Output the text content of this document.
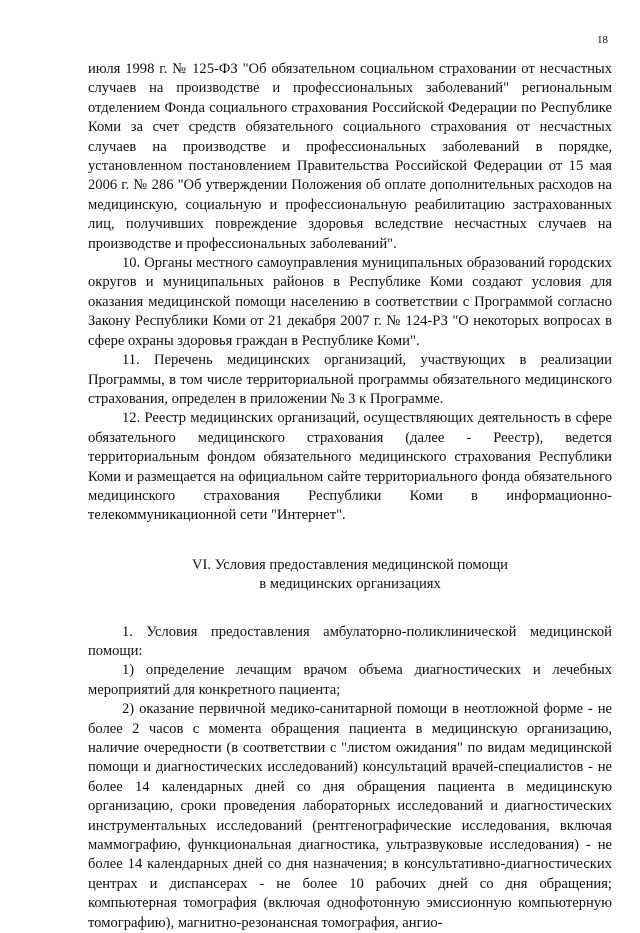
18

июля 1998 г. № 125-ФЗ "Об обязательном социальном страховании от несчастных случаев на производстве и профессиональных заболеваний" региональным отделением Фонда социального страхования Российской Федерации по Республике Коми за счет средств обязательного социального страхования от несчастных случаев на производстве и профессиональных заболеваний в порядке, установленном постановлением Правительства Российской Федерации от 15 мая 2006 г. № 286 "Об утверждении Положения об оплате дополнительных расходов на медицинскую, социальную и профессиональную реабилитацию застрахованных лиц, получивших повреждение здоровья вследствие несчастных случаев на производстве и профессиональных заболеваний".

10. Органы местного самоуправления муниципальных образований городских округов и муниципальных районов в Республике Коми создают условия для оказания медицинской помощи населению в соответствии с Программой согласно Закону Республики Коми от 21 декабря 2007 г. № 124-РЗ "О некоторых вопросах в сфере охраны здоровья граждан в Республике Коми".

11. Перечень медицинских организаций, участвующих в реализации Программы, в том числе территориальной программы обязательного медицинского страхования, определен в приложении № 3 к Программе.

12. Реестр медицинских организаций, осуществляющих деятельность в сфере обязательного медицинского страхования (далее - Реестр), ведется территориальным фондом обязательного медицинского страхования Республики Коми и размещается на официальном сайте территориального фонда обязательного медицинского страхования Республики Коми в информационно-телекоммуникационной сети "Интернет".

VI. Условия предоставления медицинской помощи
в медицинских организациях

1. Условия предоставления амбулаторно-поликлинической медицинской помощи:

1) определение лечащим врачом объема диагностических и лечебных мероприятий для конкретного пациента;

2) оказание первичной медико-санитарной помощи в неотложной форме - не более 2 часов с момента обращения пациента в медицинскую организацию, наличие очередности (в соответствии с "листом ожидания" по видам медицинской помощи и диагностических исследований) консультаций врачей-специалистов - не более 14 календарных дней со дня обращения пациента в медицинскую организацию, сроки проведения лабораторных исследований и диагностических инструментальных исследований (рентгенографические исследования, включая маммографию, функциональная диагностика, ультразвуковые исследования) - не более 14 календарных дней со дня назначения; в консультативно-диагностических центрах и диспансерах - не более 10 рабочих дней со дня обращения; компьютерная томография (включая однофотонную эмиссионную компьютерную томографию), магнитно-резонансная томография, ангио-
